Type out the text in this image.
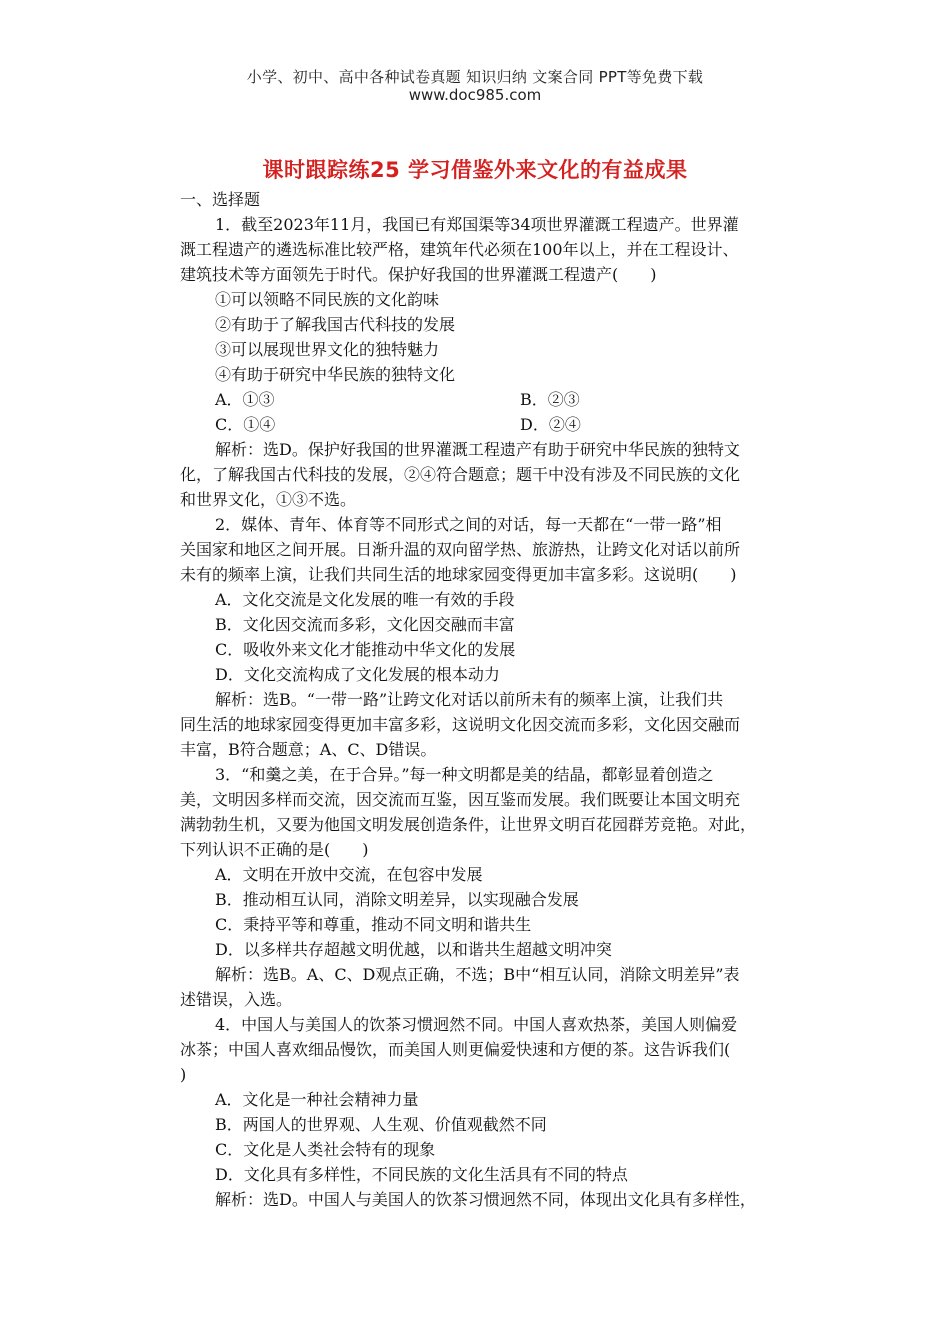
小学、初中、高中各种试卷真题 知识归纳 文案合同 PPT等免费下载
www.doc985.com
课时跟踪练25 学习借鉴外来文化的有益成果
一、选择题
1．截至2023年11月，我国已有郑国渠等34项世界灌溉工程遗产。世界灌
溉工程遗产的遴选标准比较严格，建筑年代必须在100年以上，并在工程设计、
建筑技术等方面领先于时代。保护好我国的世界灌溉工程遗产(　　)
①可以领略不同民族的文化韵味
②有助于了解我国古代科技的发展
③可以展现世界文化的独特魅力
④有助于研究中华民族的独特文化
A．①③	B．②③
C．①④	D．②④
解析：选D。保护好我国的世界灌溉工程遗产有助于研究中华民族的独特文
化，了解我国古代科技的发展，②④符合题意；题干中没有涉及不同民族的文化
和世界文化，①③不选。
2．媒体、青年、体育等不同形式之间的对话，每一天都在“一带一路”相
关国家和地区之间开展。日渐升温的双向留学热、旅游热，让跨文化对话以前所
未有的频率上演，让我们共同生活的地球家园变得更加丰富多彩。这说明(　　)
A．文化交流是文化发展的唯一有效的手段
B．文化因交流而多彩，文化因交融而丰富
C．吸收外来文化才能推动中华文化的发展
D．文化交流构成了文化发展的根本动力
解析：选B。“一带一路”让跨文化对话以前所未有的频率上演，让我们共
同生活的地球家园变得更加丰富多彩，这说明文化因交流而多彩，文化因交融而
丰富，B符合题意；A、C、D错误。
3．“和羹之美，在于合异。”每一种文明都是美的结晶，都彰显着创造之
美，文明因多样而交流，因交流而互鉴，因互鉴而发展。我们既要让本国文明充
满勃勃生机，又要为他国文明发展创造条件，让世界文明百花园群芳竞艳。对此，
下列认识不正确的是(　　)
A．文明在开放中交流，在包容中发展
B．推动相互认同，消除文明差异，以实现融合发展
C．秉持平等和尊重，推动不同文明和谐共生
D．以多样共存超越文明优越，以和谐共生超越文明冲突
解析：选B。A、C、D观点正确，不选；B中“相互认同，消除文明差异”表
述错误，入选。
4．中国人与美国人的饮茶习惯迥然不同。中国人喜欢热茶，美国人则偏爱
冰茶；中国人喜欢细品慢饮，而美国人则更偏爱快速和方便的茶。这告诉我们(
)
A．文化是一种社会精神力量
B．两国人的世界观、人生观、价值观截然不同
C．文化是人类社会特有的现象
D．文化具有多样性，不同民族的文化生活具有不同的特点
解析：选D。中国人与美国人的饮茶习惯迥然不同，体现出文化具有多样性，
